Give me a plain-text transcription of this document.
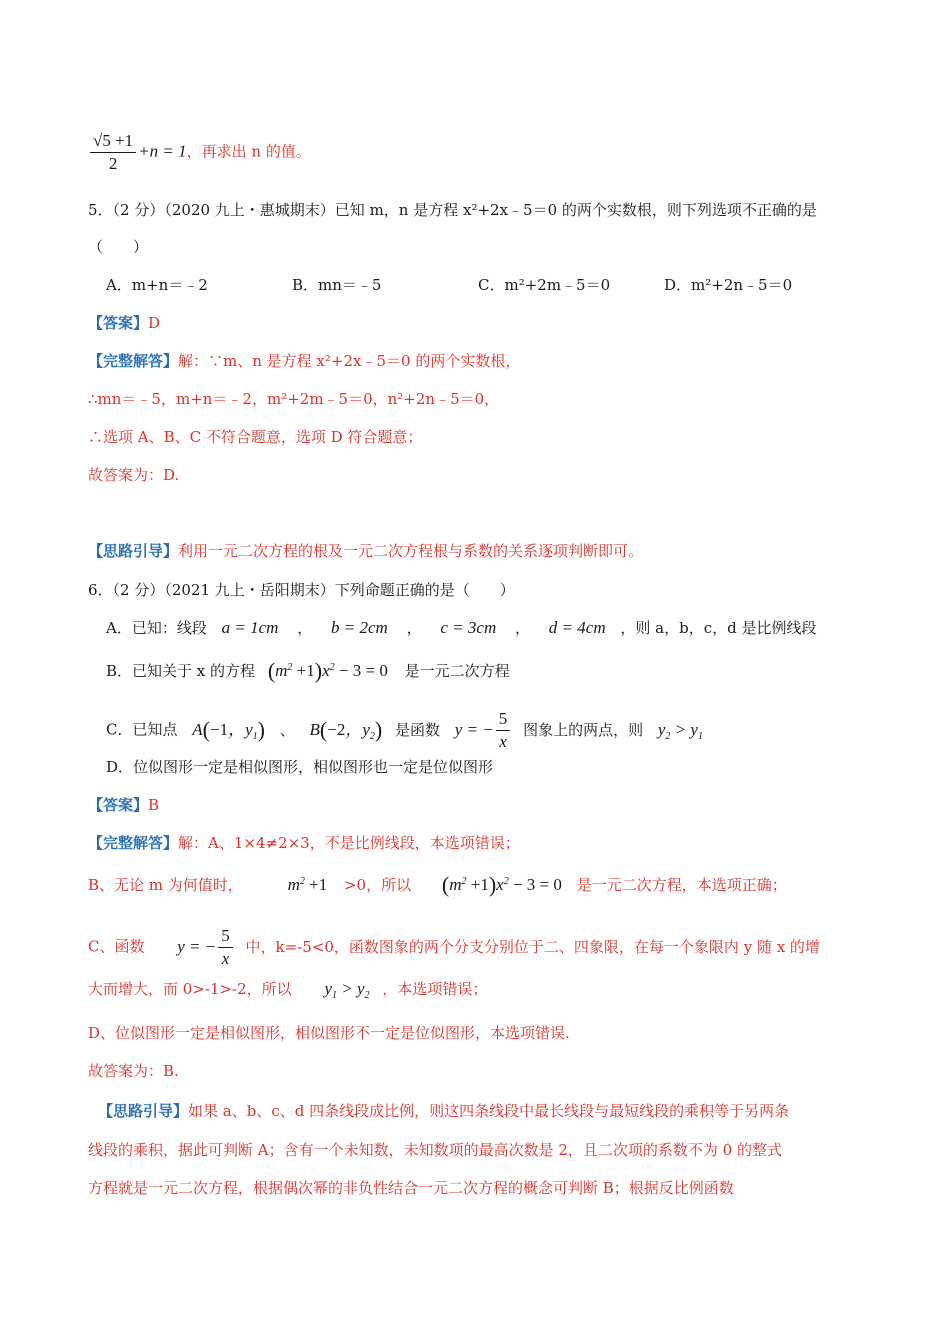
$\frac{√5 +1}{2} +n = 1$，再求出 n 的值。
5．（2 分）（2020 九上・惠城期末）已知 m，n 是方程 x²+2x﹣5＝0 的两个实数根，则下列选项不正确的是
（　　）
A．m+n＝﹣2	B．mn＝﹣5	C．m²+2m﹣5＝0	D．m²+2n﹣5＝0
【答案】D
【完整解答】解：∵m、n 是方程 x²+2x﹣5＝0 的两个实数根，
∴mn＝﹣5，m+n＝﹣2，m²+2m﹣5＝0，n²+2n﹣5＝0，
∴选项 A、B、C 不符合题意，选项 D 符合题意；
故答案为：D.
【思路引导】利用一元二次方程的根及一元二次方程根与系数的关系逐项判断即可。
6．（2 分）（2021 九上・岳阳期末）下列命题正确的是（　　）
A．已知：线段 a = 1cm ， b = 2cm ， c = 3cm ， d = 4cm ，则 a，b，c，d 是比例线段
B．已知关于 x 的方程 $(m^2 +1)x^2 - 3 = 0$ 是一元二次方程
C．已知点 A(−1，$y_1$) 、 B(−2，$y_2$) 是函数 y = − $\frac{5}{x}$ 图象上的两点，则 $y_2 > y_1$
D．位似图形一定是相似图形，相似图形也一定是位似图形
【答案】B
【完整解答】解：A、1×4≠2×3，不是比例线段，本选项错误；
B、无论 m 为何值时，	$m^2 +1 >0$，所以 $(m^2 +1)x^2 - 3 = 0$ 是一元二次方程，本选项正确；
C、函数 y = − $\frac{5}{x}$ 中，k=-5<0，函数图象的两个分支分别位于二、四象限，在每一个象限内 y 随 x 的增
大而增大，而 0>-1>-2，所以 $y_1 > y_2$ ，本选项错误；
D、位似图形一定是相似图形，相似图形不一定是位似图形，本选项错误.
故答案为：B.
【思路引导】如果 a、b、c、d 四条线段成比例，则这四条线段中最长线段与最短线段的乘积等于另两条
线段的乘积，据此可判断 A；含有一个未知数，未知数项的最高次数是 2，且二次项的系数不为 0 的整式
方程就是一元二次方程，根据偶次幂的非负性结合一元二次方程的概念可判断 B；根据反比例函数
